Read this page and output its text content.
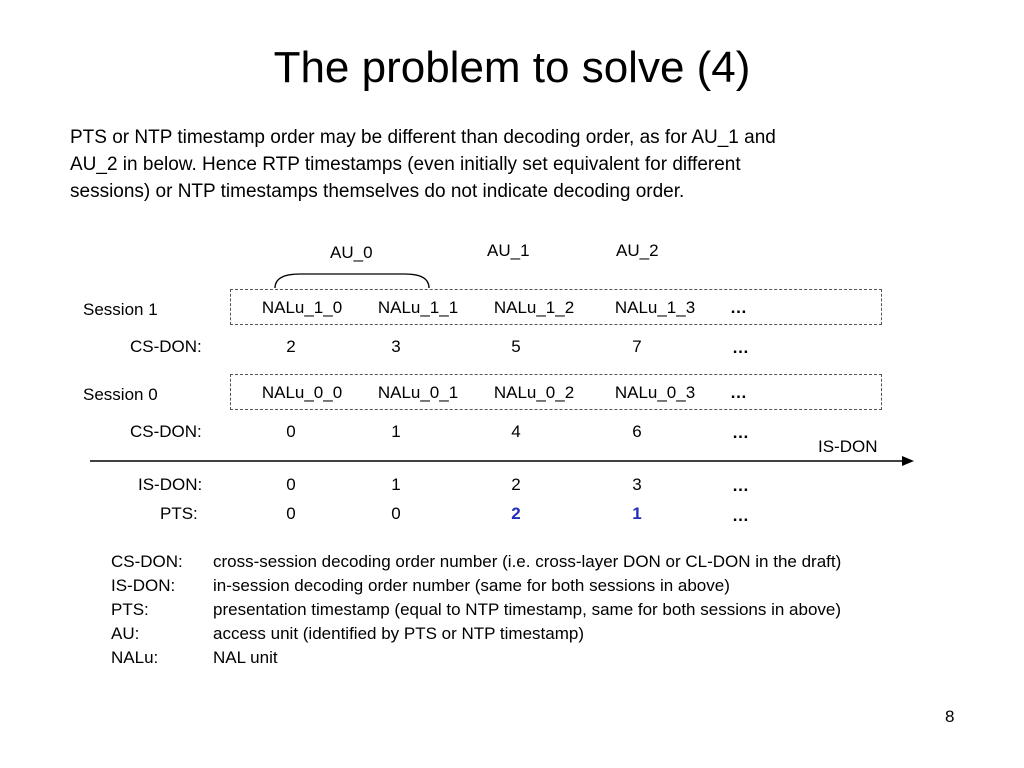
The problem to solve (4)
PTS or NTP timestamp order may be different than decoding order, as for AU_1 and
AU_2 in below. Hence RTP timestamps (even initially set equivalent for different
sessions) or NTP timestamps themselves do not indicate decoding order.
AU_0	AU_1	AU_2
Session 1	NALu_1_0	NALu_1_1	NALu_1_2	NALu_1_3	…
CS-DON:	2	3	5	7	…
Session 0	NALu_0_0	NALu_0_1	NALu_0_2	NALu_0_3	…
CS-DON:	0	1	4	6	…
IS-DON
IS-DON:	0	1	2	3	…
PTS:	0	0	2	1	…
CS-DON:	cross-session decoding order number (i.e. cross-layer DON or CL-DON in the draft)
IS-DON:	in-session decoding order number (same for both sessions in above)
PTS:	presentation timestamp (equal to NTP timestamp, same for both sessions in above)
AU:	access unit (identified by PTS or NTP timestamp)
NALu:	NAL unit
8
